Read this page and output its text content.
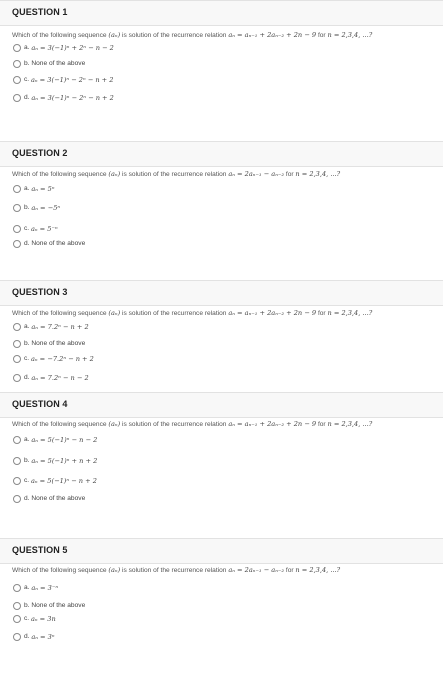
QUESTION 1
Which of the following sequence (aₙ) is solution of the recurrence relation aₙ = aₙ₋₁ + 2aₙ₋₂ + 2n − 9 for n = 2,3,4, ...?
a.
aₙ = 3(−1)ⁿ + 2ⁿ − n − 2
b.
None of the above
c.
aₙ = 3(−1)ⁿ − 2ⁿ − n + 2
d.
aₙ = 3(−1)ⁿ − 2ⁿ − n + 2
QUESTION 2
Which of the following sequence (aₙ) is solution of the recurrence relation aₙ = 2aₙ₋₁ − aₙ₋₂ for n = 2,3,4, ...?
a.
aₙ = 5ⁿ
b.
aₙ = −5ⁿ
c.
aₙ = 5⁻ⁿ
d.
None of the above
QUESTION 3
Which of the following sequence (aₙ) is solution of the recurrence relation aₙ = aₙ₋₁ + 2aₙ₋₂ + 2n − 9 for n = 2,3,4, ...?
a.
aₙ = 7.2ⁿ − n + 2
b.
None of the above
c.
aₙ = −7.2ⁿ − n + 2
d.
aₙ = 7.2ⁿ − n − 2
QUESTION 4
Which of the following sequence (aₙ) is solution of the recurrence relation aₙ = aₙ₋₁ + 2aₙ₋₂ + 2n − 9 for n = 2,3,4, ...?
a.
aₙ = 5(−1)ⁿ − n − 2
b.
aₙ = 5(−1)ⁿ + n + 2
c.
aₙ = 5(−1)ⁿ − n + 2
d.
None of the above
QUESTION 5
Which of the following sequence (aₙ) is solution of the recurrence relation aₙ = 2aₙ₋₁ − aₙ₋₂ for n = 2,3,4, ...?
a.
aₙ = 3⁻ⁿ
b.
None of the above
c.
aₙ = 3n
d.
aₙ = 3ⁿ
